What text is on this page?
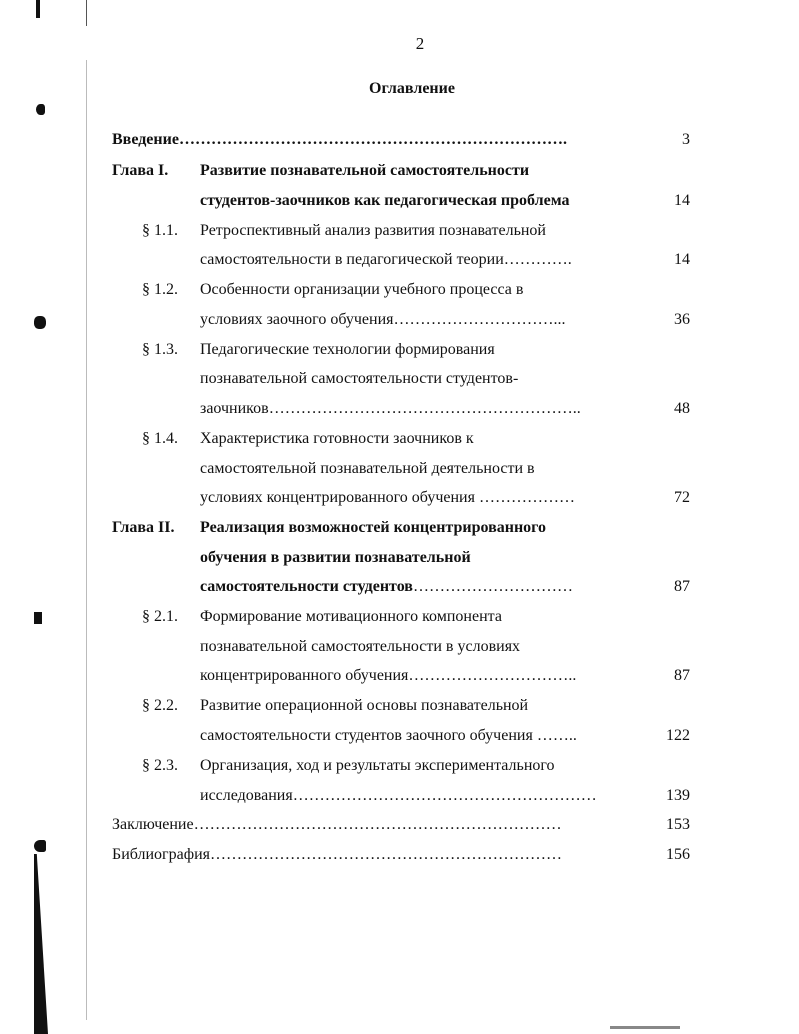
2
Оглавление
Введение……………………………………………………………….	3
Глава I. Развитие познавательной самостоятельности
студентов-заочников как педагогическая проблема	14
§ 1.1. Ретроспективный анализ развития познавательной
самостоятельности в педагогической теории………….	14
§ 1.2. Особенности организации учебного процесса в
условиях заочного обучения…………………………...	36
§ 1.3. Педагогические технологии формирования
познавательной самостоятельности студентов-
заочников…………………………………………………..	48
§ 1.4. Характеристика готовности заочников к
самостоятельной познавательной деятельности в
условиях концентрированного обучения ………………	72
Глава II. Реализация возможностей концентрированного
обучения в развитии познавательной
самостоятельности студентов…………………………	87
§ 2.1. Формирование мотивационного компонента
познавательной самостоятельности в условиях
концентрированного обучения…………………………..	87
§ 2.2. Развитие операционной основы познавательной
самостоятельности студентов заочного обучения ……..	122
§ 2.3. Организация, ход и результаты экспериментального
исследования…………………………………………………	139
Заключение……………………………………………………………	153
Библиография…………………………………………………………	156
